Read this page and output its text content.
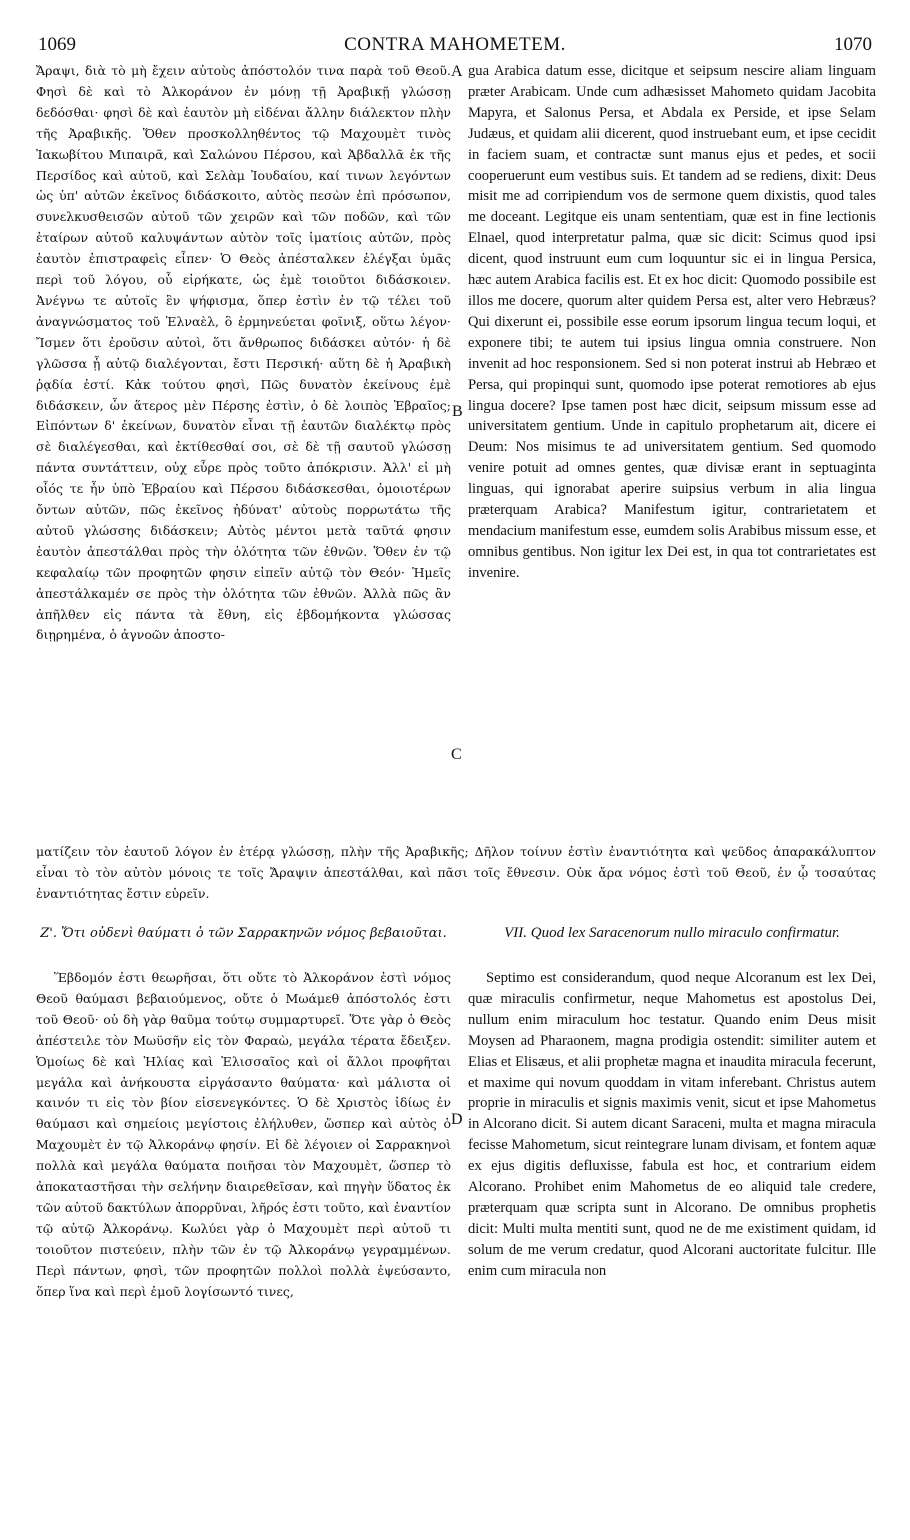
1069	CONTRA MAHOMETEM.	1070

Ἄραψι, διὰ τὸ μὴ ἔχειν αὐτοὺς ἀπόστολόν τινα παρὰ τοῦ Θεοῦ. Φησὶ δὲ καὶ τὸ Ἀλκοράνον ἐν μόνῃ τῇ Ἀραβικῇ γλώσσῃ δεδόσθαι· φησὶ δὲ καὶ ἑαυτὸν μὴ εἰδέναι ἄλλην διάλεκτον πλὴν τῆς Ἀραβικῆς. Ὅθεν προσκολληθέντος τῷ Μαχουμὲτ τινὸς Ἰακωβίτου Μιπαιρᾶ, καὶ Σαλώνου Πέρσου, καὶ Ἀβδαλλᾶ ἐκ τῆς Περσίδος καὶ αὐτοῦ, καὶ Σελὰμ Ἰουδαίου, καί τινων λεγόντων ὡς ὑπ' αὐτῶν ἐκεῖνος διδάσκοιτο, αὐτὸς πεσὼν ἐπὶ πρόσωπον, συνελκυσθεισῶν αὐτοῦ τῶν χειρῶν καὶ τῶν ποδῶν, καὶ τῶν ἑταίρων αὐτοῦ καλυψάντων αὐτὸν τοῖς ἱματίοις αὐτῶν, πρὸς ἑαυτὸν ἐπιστραφεὶς εἶπεν· Ὁ Θεὸς ἀπέσταλκεν ἐλέγξαι ὑμᾶς περὶ τοῦ λόγου, οὗ εἰρήκατε, ὡς ἐμὲ τοιοῦτοι διδάσκοιεν. Ἀνέγνω τε αὐτοῖς ἓν ψήφισμα, ὅπερ ἐστὶν ἐν τῷ τέλει τοῦ ἀναγνώσματος τοῦ Ἐλναὲλ, ὃ ἑρμηνεύεται φοῖνιξ, οὕτω λέγον· Ἴσμεν ὅτι ἐροῦσιν αὐτοὶ, ὅτι ἄνθρωπος διδάσκει αὐτόν· ἡ δὲ γλῶσσα ᾗ αὐτῷ διαλέγονται, ἔστι Περσική· αὕτη δὲ ἡ Ἀραβικὴ ῥᾳδία ἐστί. Κἀκ τούτου φησὶ, Πῶς δυνατὸν ἐκείνους ἐμὲ διδάσκειν, ὧν ἅτερος μὲν Πέρσης ἐστὶν, ὁ δὲ λοιπὸς Ἑβραῖος; Εἰπόντων δ' ἐκείνων, δυνατὸν εἶναι τῇ ἑαυτῶν διαλέκτῳ πρὸς σὲ διαλέγεσθαι, καὶ ἐκτίθεσθαί σοι, σὲ δὲ τῇ σαυτοῦ γλώσσῃ πάντα συντάττειν, οὐχ εὗρε πρὸς τοῦτο ἀπόκρισιν. Ἀλλ' εἰ μὴ οἷός τε ἦν ὑπὸ Ἑβραίου καὶ Πέρσου διδάσκεσθαι, ὁμοιοτέρων ὄντων αὐτῶν, πῶς ἐκεῖνος ἠδύνατ' αὐτοὺς πορρωτάτω τῆς αὐτοῦ γλώσσης διδάσκειν; Αὐτὸς μέντοι μετὰ ταῦτά φησιν ἑαυτὸν ἀπεστάλθαι πρὸς τὴν ὁλότητα τῶν ἐθνῶν. Ὅθεν ἐν τῷ κεφαλαίῳ τῶν προφητῶν φησιν εἰπεῖν αὐτῷ τὸν Θεόν· Ἡμεῖς ἀπεστάλκαμέν σε πρὸς τὴν ὁλότητα τῶν ἐθνῶν. Ἀλλὰ πῶς ἂν ἀπῆλθεν εἰς πάντα τὰ ἔθνη, εἰς ἑβδομήκοντα γλώσσας διῃρημένα, ὁ ἀγνοῶν ἀποστο-

A
B
C
D

gua Arabica datum esse, dicitque et seipsum nescire aliam linguam præter Arabicam. Unde cum adhæsisset Mahometo quidam Jacobita Mapyra, et Salonus Persa, et Abdala ex Perside, et ipse Selam Judæus, et quidam alii dicerent, quod instruebant eum, et ipse cecidit in faciem suam, et contractæ sunt manus ejus et pedes, et socii cooperuerunt eum vestibus suis. Et tandem ad se rediens, dixit: Deus misit me ad corripiendum vos de sermone quem dixistis, quod tales me doceant. Legitque eis unam sententiam, quæ est in fine lectionis Elnael, quod interpretatur palma, quæ sic dicit: Scimus quod ipsi dicent, quod instruunt eum cum loquuntur sic ei in lingua Persica, hæc autem Arabica facilis est. Et ex hoc dicit: Quomodo possibile est illos me docere, quorum alter quidem Persa est, alter vero Hebræus? Qui dixerunt ei, possibile esse eorum ipsorum lingua tecum loqui, et exponere tibi; te autem tui ipsius lingua omnia construere. Non invenit ad hoc responsionem. Sed si non poterat instrui ab Hebræo et Persa, qui propinqui sunt, quomodo ipse poterat remotiores ab ejus lingua docere? Ipse tamen post hæc dicit, seipsum missum esse ad universitatem gentium. Unde in capitulo prophetarum ait, dicere ei Deum: Nos misimus te ad universitatem gentium. Sed quomodo venire potuit ad omnes gentes, quæ divisæ erant in septuaginta linguas, qui ignorabat aperire suipsius verbum in alia lingua præterquam Arabica? Manifestum igitur, contrarietatem et mendacium manifestum esse, eumdem solis Arabibus missum esse, et omnibus gentibus. Non igitur lex Dei est, in qua tot contrarietates est invenire.

ματίζειν τὸν ἑαυτοῦ λόγον ἐν ἑτέρᾳ γλώσσῃ, πλὴν τῆς Ἀραβικῆς; Δῆλον τοίνυν ἐστὶν ἐναντιότητα καὶ ψεῦδος ἀπαρακάλυπτον εἶναι τὸ τὸν αὐτὸν μόνοις τε τοῖς Ἄραψιν ἀπεστάλθαι, καὶ πᾶσι τοῖς ἔθνεσιν. Οὐκ ἄρα νόμος ἐστὶ τοῦ Θεοῦ, ἐν ᾧ τοσαύτας ἐναντιότητας ἔστιν εὑρεῖν.

Ζ'. Ὅτι οὐδενὶ θαύματι ὁ τῶν Σαρρακηνῶν νόμος βεβαιοῦται.	VII. Quod lex Saracenorum nullo miraculo confirmatur.

Ἕβδομόν ἐστι θεωρῆσαι, ὅτι οὔτε τὸ Ἀλκοράνον ἐστὶ νόμος Θεοῦ θαύμασι βεβαιούμενος, οὔτε ὁ Μωάμεθ ἀπόστολός ἐστι τοῦ Θεοῦ· οὐ δὴ γὰρ θαῦμα τούτῳ συμμαρτυρεῖ. Ὅτε γὰρ ὁ Θεὸς ἀπέστειλε τὸν Μωϋσῆν εἰς τὸν Φαραὼ, μεγάλα τέρατα ἔδειξεν. Ὁμοίως δὲ καὶ Ἠλίας καὶ Ἐλισσαῖος καὶ οἱ ἄλλοι προφῆται μεγάλα καὶ ἀνήκουστα εἰργάσαντο θαύματα· καὶ μάλιστα οἱ καινόν τι εἰς τὸν βίον εἰσενεγκόντες. Ὁ δὲ Χριστὸς ἰδίως ἐν θαύμασι καὶ σημείοις μεγίστοις ἐλήλυθεν, ὥσπερ καὶ αὐτὸς ὁ Μαχουμὲτ ἐν τῷ Ἀλκοράνῳ φησίν. Εἰ δὲ λέγοιεν οἱ Σαρρακηνοὶ πολλὰ καὶ μεγάλα θαύματα ποιῆσαι τὸν Μαχουμὲτ, ὥσπερ τὸ ἀποκαταστῆσαι τὴν σελήνην διαιρεθεῖσαν, καὶ πηγὴν ὕδατος ἐκ τῶν αὐτοῦ δακτύλων ἀπορρῦναι, λῆρός ἐστι τοῦτο, καὶ ἐναντίον τῷ αὐτῷ Ἀλκοράνῳ. Κωλύει γὰρ ὁ Μαχουμὲτ περὶ αὐτοῦ τι τοιοῦτον πιστεύειν, πλὴν τῶν ἐν τῷ Ἀλκοράνῳ γεγραμμένων. Περὶ πάντων, φησὶ, τῶν προφητῶν πολλοὶ πολλὰ ἐψεύσαντο, ὅπερ ἵνα καὶ περὶ ἐμοῦ λογίσωντό τινες,

Septimo est considerandum, quod neque Alcoranum est lex Dei, quæ miraculis confirmetur, neque Mahometus est apostolus Dei, nullum enim miraculum hoc testatur. Quando enim Deus misit Moysen ad Pharaonem, magna prodigia ostendit: similiter autem et Elias et Elisæus, et alii prophetæ magna et inaudita miracula fecerunt, et maxime qui novum quoddam in vitam inferebant. Christus autem proprie in miraculis et signis maximis venit, sicut et ipse Mahometus in Alcorano dicit. Si autem dicant Saraceni, multa et magna miracula fecisse Mahometum, sicut reintegrare lunam divisam, et fontem aquæ ex ejus digitis defluxisse, fabula est hoc, et contrarium eidem Alcorano. Prohibet enim Mahometus de eo aliquid tale credere, præterquam quæ scripta sunt in Alcorano. De omnibus prophetis dicit: Multi multa mentiti sunt, quod ne de me existiment quidam, id solum de me verum credatur, quod Alcorani auctoritate fulcitur. Ille enim cum miracula non
